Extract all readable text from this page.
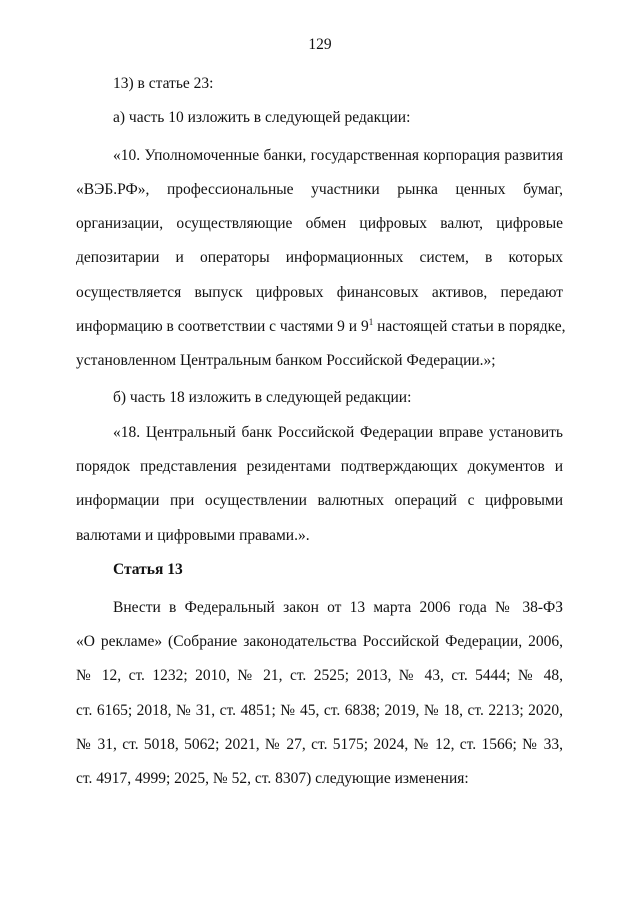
129
13) в статье 23:
а) часть 10 изложить в следующей редакции:
«10. Уполномоченные банки, государственная корпорация развития
«ВЭБ.РФ», профессиональные участники рынка ценных бумаг,
организации, осуществляющие обмен цифровых валют, цифровые
депозитарии и операторы информационных систем, в которых
осуществляется выпуск цифровых финансовых активов, передают
информацию в соответствии с частями 9 и $9^1$ настоящей статьи в порядке,
установленном Центральным банком Российской Федерации.»;
б) часть 18 изложить в следующей редакции:
«18. Центральный банк Российской Федерации вправе установить
порядок представления резидентами подтверждающих документов и
информации при осуществлении валютных операций с цифровыми
валютами и цифровыми правами.».
Статья 13
Внести в Федеральный закон от 13 марта 2006 года № 38-ФЗ
«О рекламе» (Собрание законодательства Российской Федерации, 2006,
№ 12, ст. 1232; 2010, № 21, ст. 2525; 2013, № 43, ст. 5444; № 48,
ст. 6165; 2018, № 31, ст. 4851; № 45, ст. 6838; 2019, № 18, ст. 2213; 2020,
№ 31, ст. 5018, 5062; 2021, № 27, ст. 5175; 2024, № 12, ст. 1566; № 33,
ст. 4917, 4999; 2025, № 52, ст. 8307) следующие изменения:
